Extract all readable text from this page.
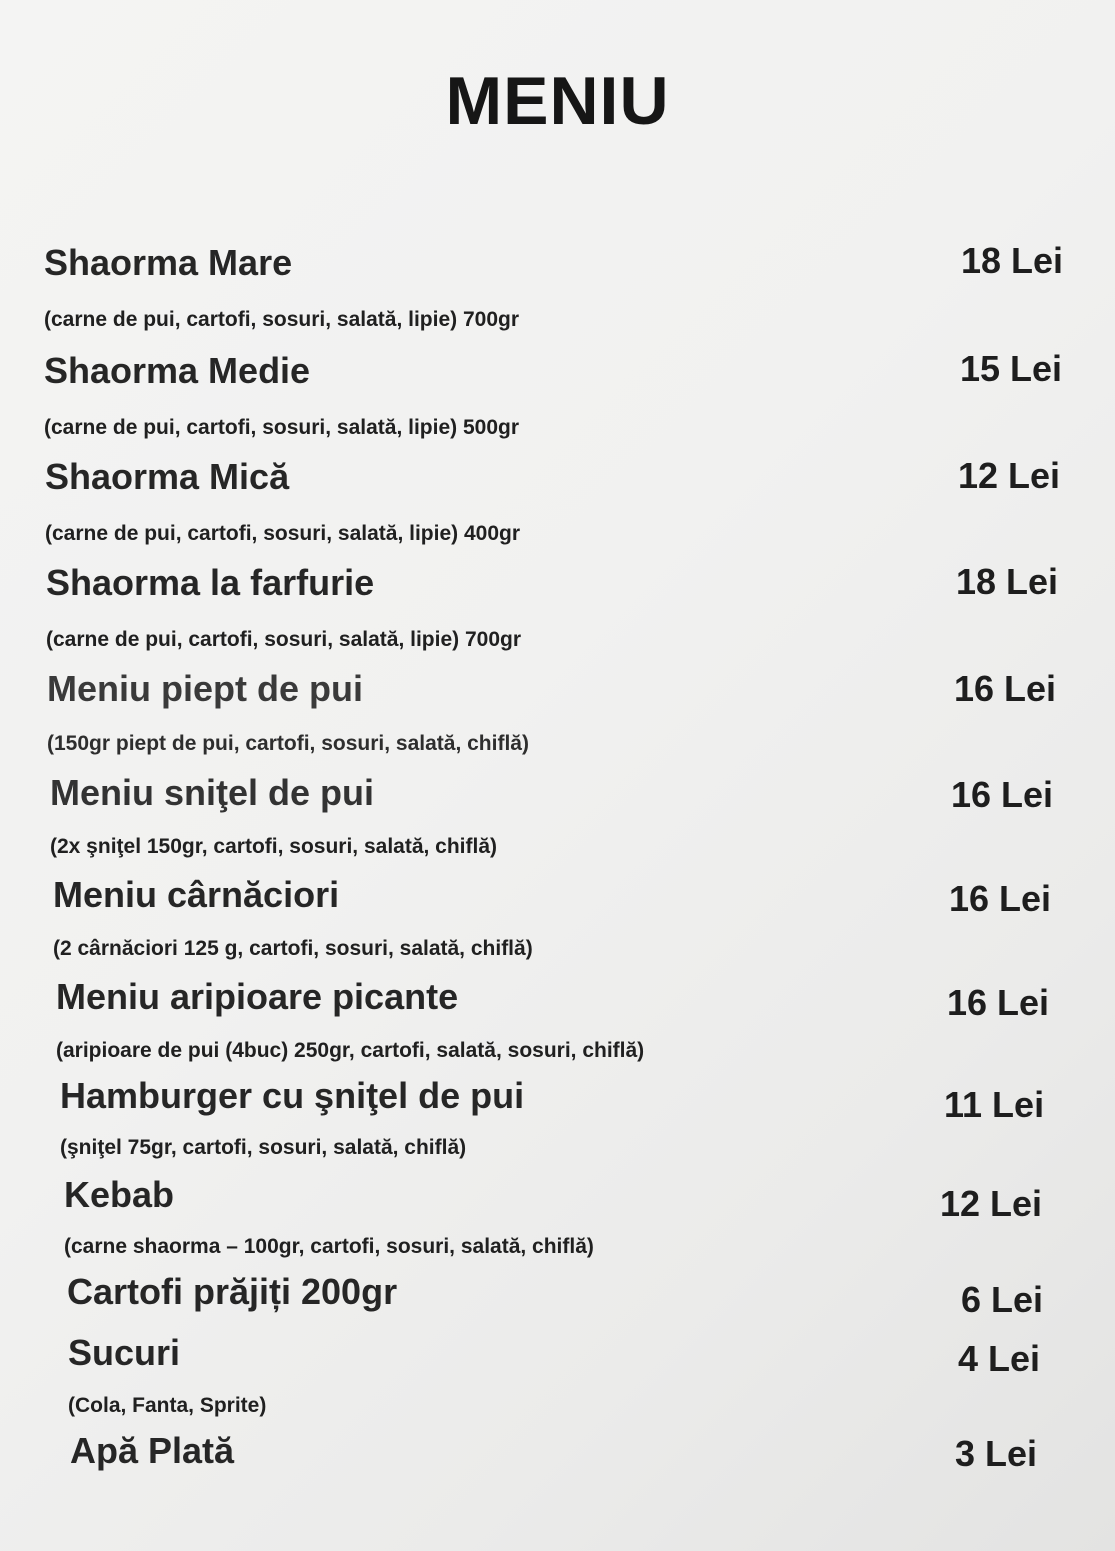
MENIU
Shaorma Mare	18 Lei
(carne de pui, cartofi, sosuri, salată, lipie) 700gr
Shaorma Medie	15 Lei
(carne de pui, cartofi, sosuri, salată, lipie) 500gr
Shaorma Mică	12 Lei
(carne de pui, cartofi, sosuri, salată, lipie) 400gr
Shaorma la farfurie	18 Lei
(carne de pui, cartofi, sosuri, salată, lipie) 700gr
Meniu piept de pui	16 Lei
(150gr piept de pui, cartofi, sosuri, salată, chiflă)
Meniu sniţel de pui	16 Lei
(2x şniţel 150gr, cartofi, sosuri, salată, chiflă)
Meniu cârnăciori	16 Lei
(2 cârnăciori 125 g, cartofi, sosuri, salată, chiflă)
Meniu aripioare picante	16 Lei
(aripioare de pui (4buc) 250gr, cartofi, salată, sosuri, chiflă)
Hamburger cu şniţel de pui	11 Lei
(şniţel 75gr, cartofi, sosuri, salată, chiflă)
Kebab	12 Lei
(carne shaorma – 100gr, cartofi, sosuri, salată, chiflă)
Cartofi prăjiți 200gr	6 Lei
Sucuri	4 Lei
(Cola, Fanta, Sprite)
Apă Plată	3 Lei
